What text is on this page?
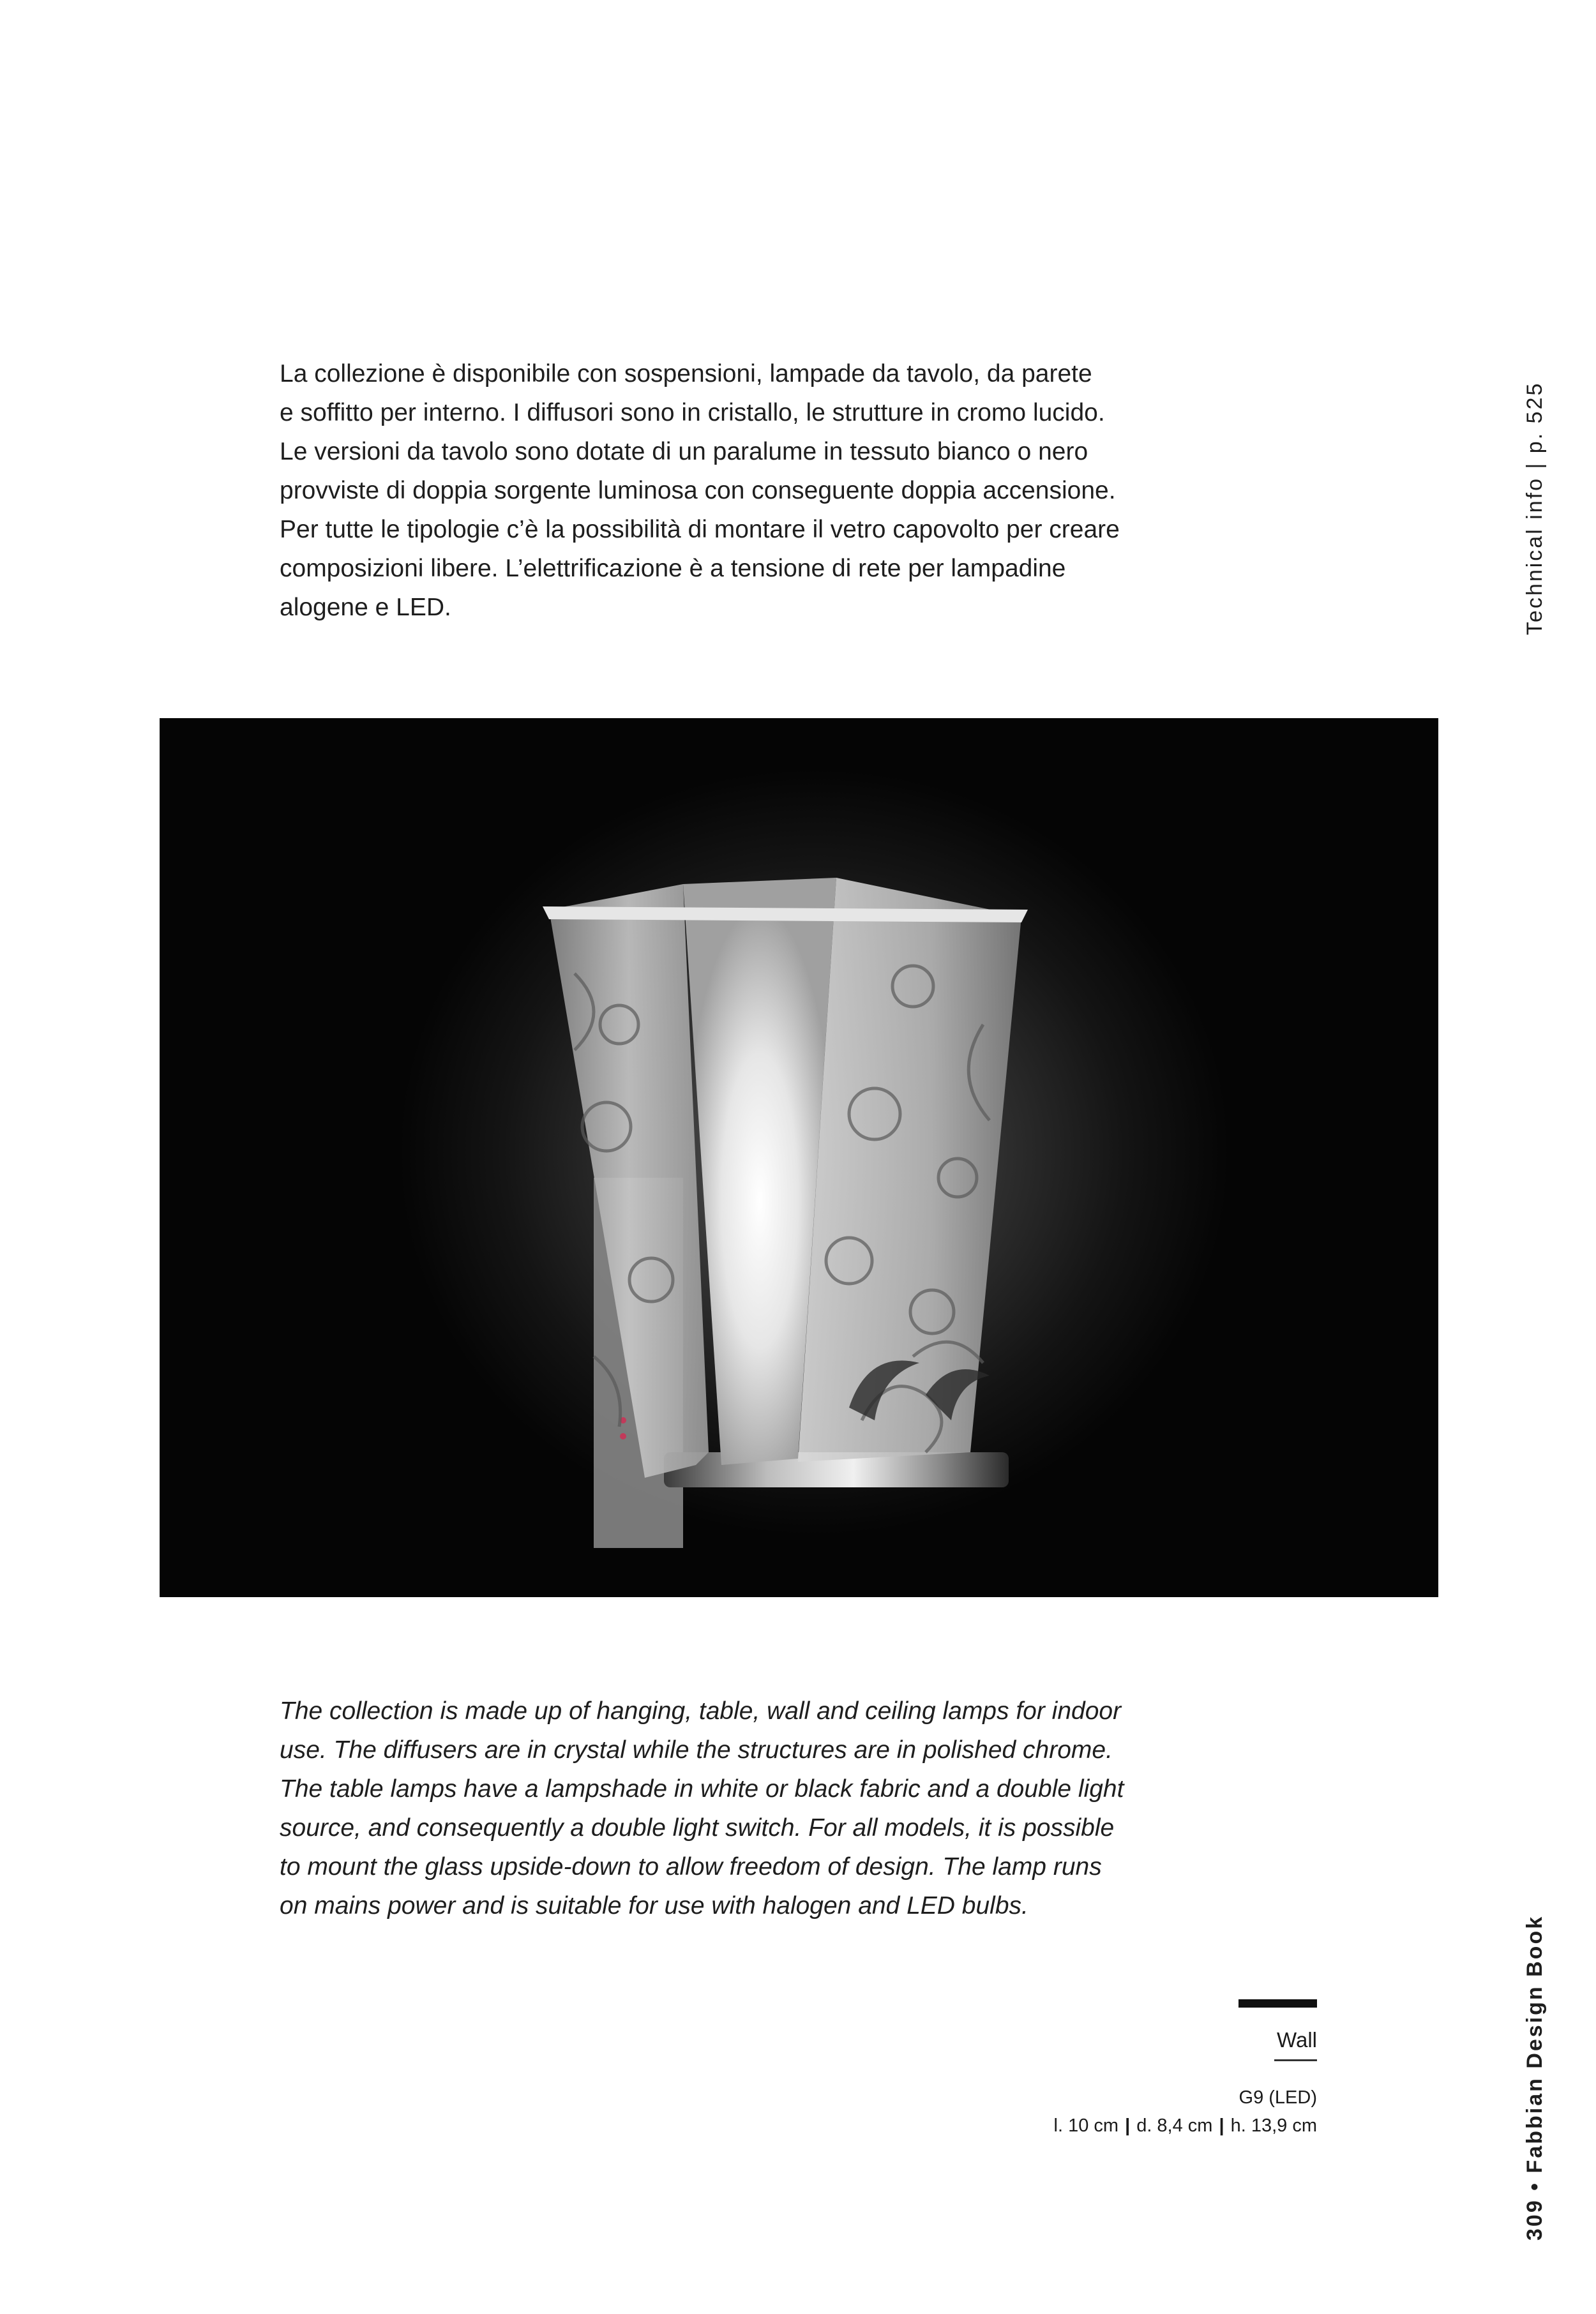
La collezione è disponibile con sospensioni, lampade da tavolo, da parete

e soffitto per interno. I diffusori sono in cristallo, le strutture in cromo lucido.

Le versioni da tavolo sono dotate di un paralume in tessuto bianco o nero

provviste di doppia sorgente luminosa con conseguente doppia accensione.

Per tutte le tipologie c’è la possibilità di montare il vetro capovolto per creare

composizioni libere. L’elettrificazione è a tensione di rete per lampadine

alogene e LED.	Technical info | p. 525

The collection is made up of hanging, table, wall and ceiling lamps for indoor

use. The diffusers are in crystal while the structures are in polished chrome.

The table lamps have a lampshade in white or black fabric and a double light

source, and consequently a double light switch. For all models, it is possible

to mount the glass upside-down to allow freedom of design. The lamp runs

on mains power and is suitable for use with halogen and LED bulbs.

309 • Fabbian Design Book
Wall
G9 (LED)
l. 10 cm | d. 8,4 cm | h. 13,9 cm
